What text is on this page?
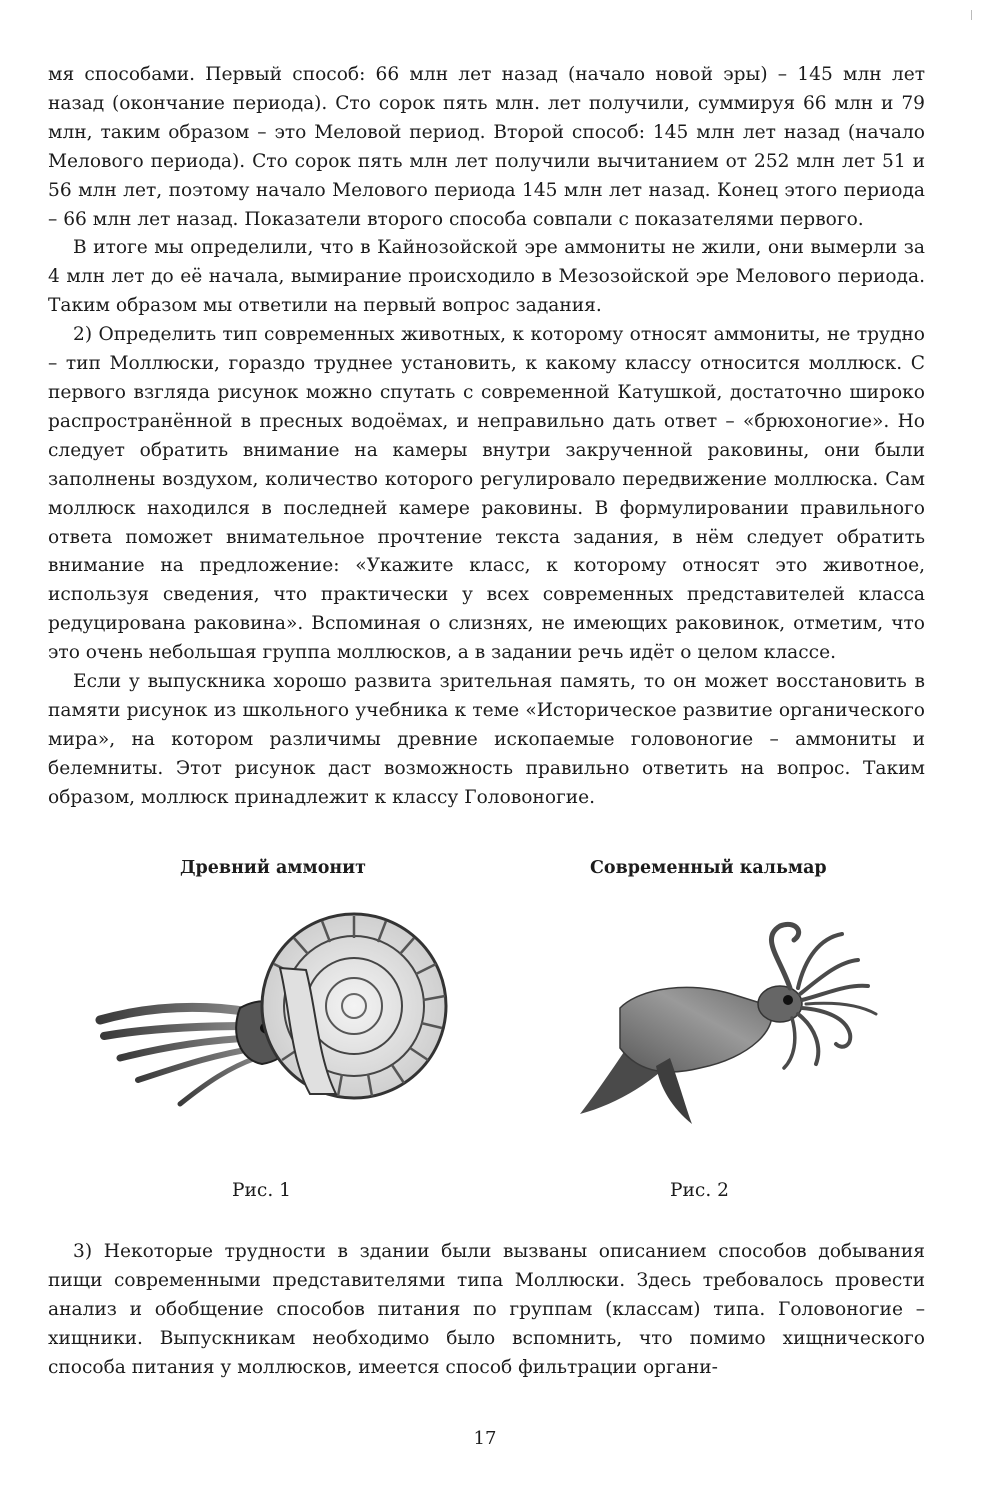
мя способами. Первый способ: 66 млн лет назад (начало новой эры) – 145 млн лет назад (окончание периода). Сто сорок пять млн. лет получили, суммируя 66 млн и 79 млн, таким образом – это Меловой период. Второй способ: 145 млн лет назад (начало Мелового периода). Сто сорок пять млн лет получили вычитанием от 252 млн лет 51 и 56 млн лет, поэтому начало Мелового периода 145 млн лет назад. Конец этого периода – 66 млн лет назад. Показатели второго способа совпали с показателями первого.

В итоге мы определили, что в Кайнозойской эре аммониты не жили, они вымерли за 4 млн лет до её начала, вымирание происходило в Мезозойской эре Мелового периода. Таким образом мы ответили на первый вопрос задания.

2) Определить тип современных животных, к которому относят аммониты, не трудно – тип Моллюски, гораздо труднее установить, к какому классу относится моллюск. С первого взгляда рисунок можно спутать с современной Катушкой, достаточно широко распространённой в пресных водоёмах, и неправильно дать ответ – «брюхоногие». Но следует обратить внимание на камеры внутри закрученной раковины, они были заполнены воздухом, количество которого регулировало передвижение моллюска. Сам моллюск находился в последней камере раковины. В формулировании правильного ответа поможет внимательное прочтение текста задания, в нём следует обратить внимание на предложение: «Укажите класс, к которому относят это животное, используя сведения, что практически у всех современных представителей класса редуцирована раковина». Вспоминая о слизнях, не имеющих раковинок, отметим, что это очень небольшая группа моллюсков, а в задании речь идёт о целом классе.

Если у выпускника хорошо развита зрительная память, то он может восстановить в памяти рисунок из школьного учебника к теме «Историческое развитие органического мира», на котором различимы древние ископаемые головоногие – аммониты и белемниты. Этот рисунок даст возможность правильно ответить на вопрос. Таким образом, моллюск принадлежит к классу Головоногие.

Древний аммонит
Рис. 1
Современный кальмар
Рис. 2

3) Некоторые трудности в здании были вызваны описанием способов добывания пищи современными представителями типа Моллюски. Здесь требовалось провести анализ и обобщение способов питания по группам (классам) типа. Головоногие – хищники. Выпускникам необходимо было вспомнить, что помимо хищнического способа питания у моллюсков, имеется способ фильтрации органи-

17
